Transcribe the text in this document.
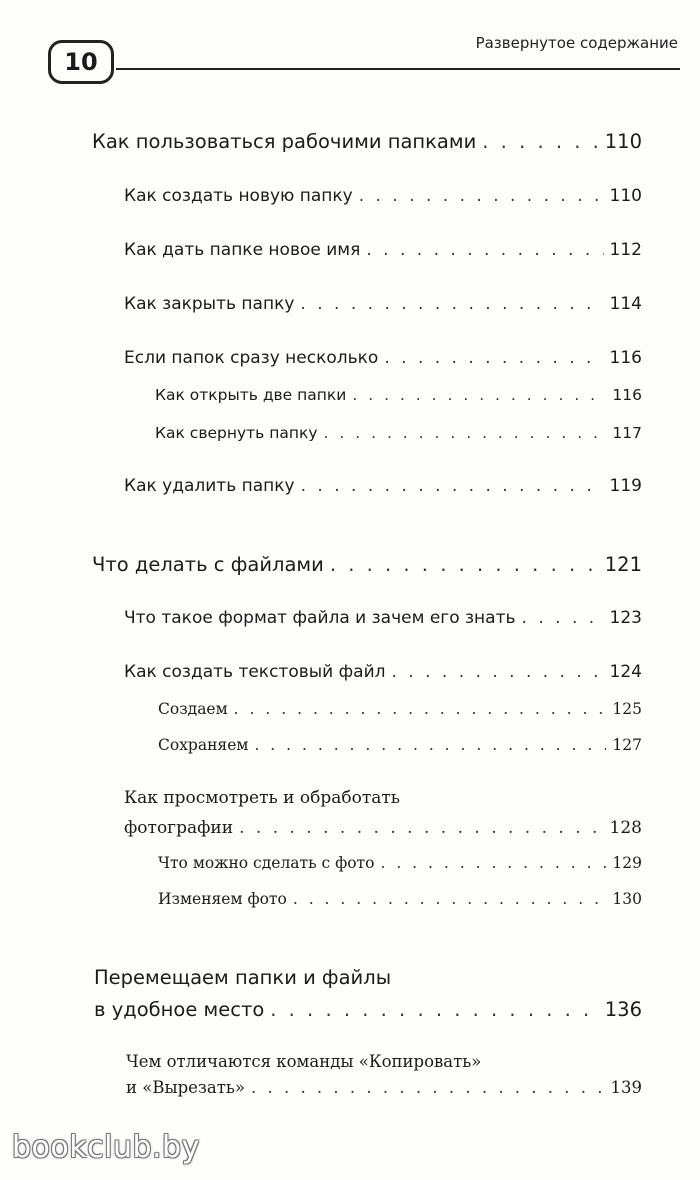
10
Развернутое содержание
Как пользоваться рабочими папками . . .	110
Как создать новую папку . . .	110
Как дать папке новое имя . . .	112
Как закрыть папку . . .	114
Если папок сразу несколько . . .	116
Как открыть две папки . . .	116
Как свернуть папку . . .	117
Как удалить папку . . .	119
Что делать с файлами . . .	121
Что такое формат файла и зачем его знать . . .	123
Как создать текстовый файл . . .	124
Создаем . . .	125
Сохраняем . . .	127
Как просмотреть и обработать
фотографии . . .	128
Что можно сделать с фото . . .	129
Изменяем фото . . .	130
Перемещаем папки и файлы
в удобное место . . .	136
Чем отличаются команды «Копировать»
и «Вырезать» . . .	139
bookclub.by
